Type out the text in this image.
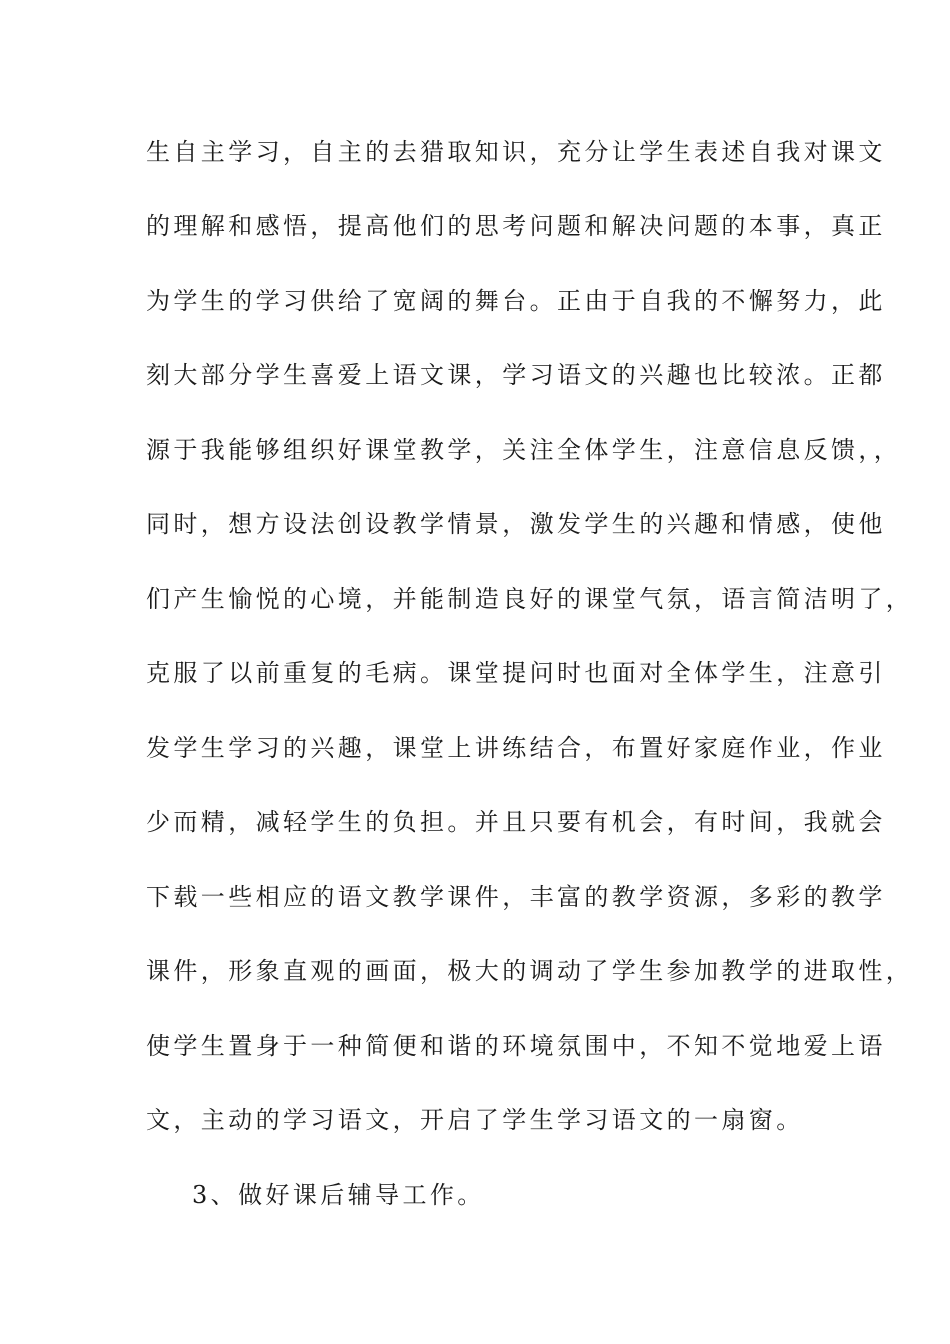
生自主学习，自主的去猎取知识，充分让学生表述自我对课文
的理解和感悟，提高他们的思考问题和解决问题的本事，真正
为学生的学习供给了宽阔的舞台。正由于自我的不懈努力，此
刻大部分学生喜爱上语文课，学习语文的兴趣也比较浓。正都
源于我能够组织好课堂教学，关注全体学生，注意信息反馈，，
同时，想方设法创设教学情景，激发学生的兴趣和情感，使他
们产生愉悦的心境，并能制造良好的课堂气氛，语言简洁明了，
克服了以前重复的毛病。课堂提问时也面对全体学生，注意引
发学生学习的兴趣，课堂上讲练结合，布置好家庭作业，作业
少而精，减轻学生的负担。并且只要有机会，有时间，我就会
下载一些相应的语文教学课件，丰富的教学资源，多彩的教学
课件，形象直观的画面，极大的调动了学生参加教学的进取性，
使学生置身于一种简便和谐的环境氛围中，不知不觉地爱上语
文，主动的学习语文，开启了学生学习语文的一扇窗。
3、做好课后辅导工作。
